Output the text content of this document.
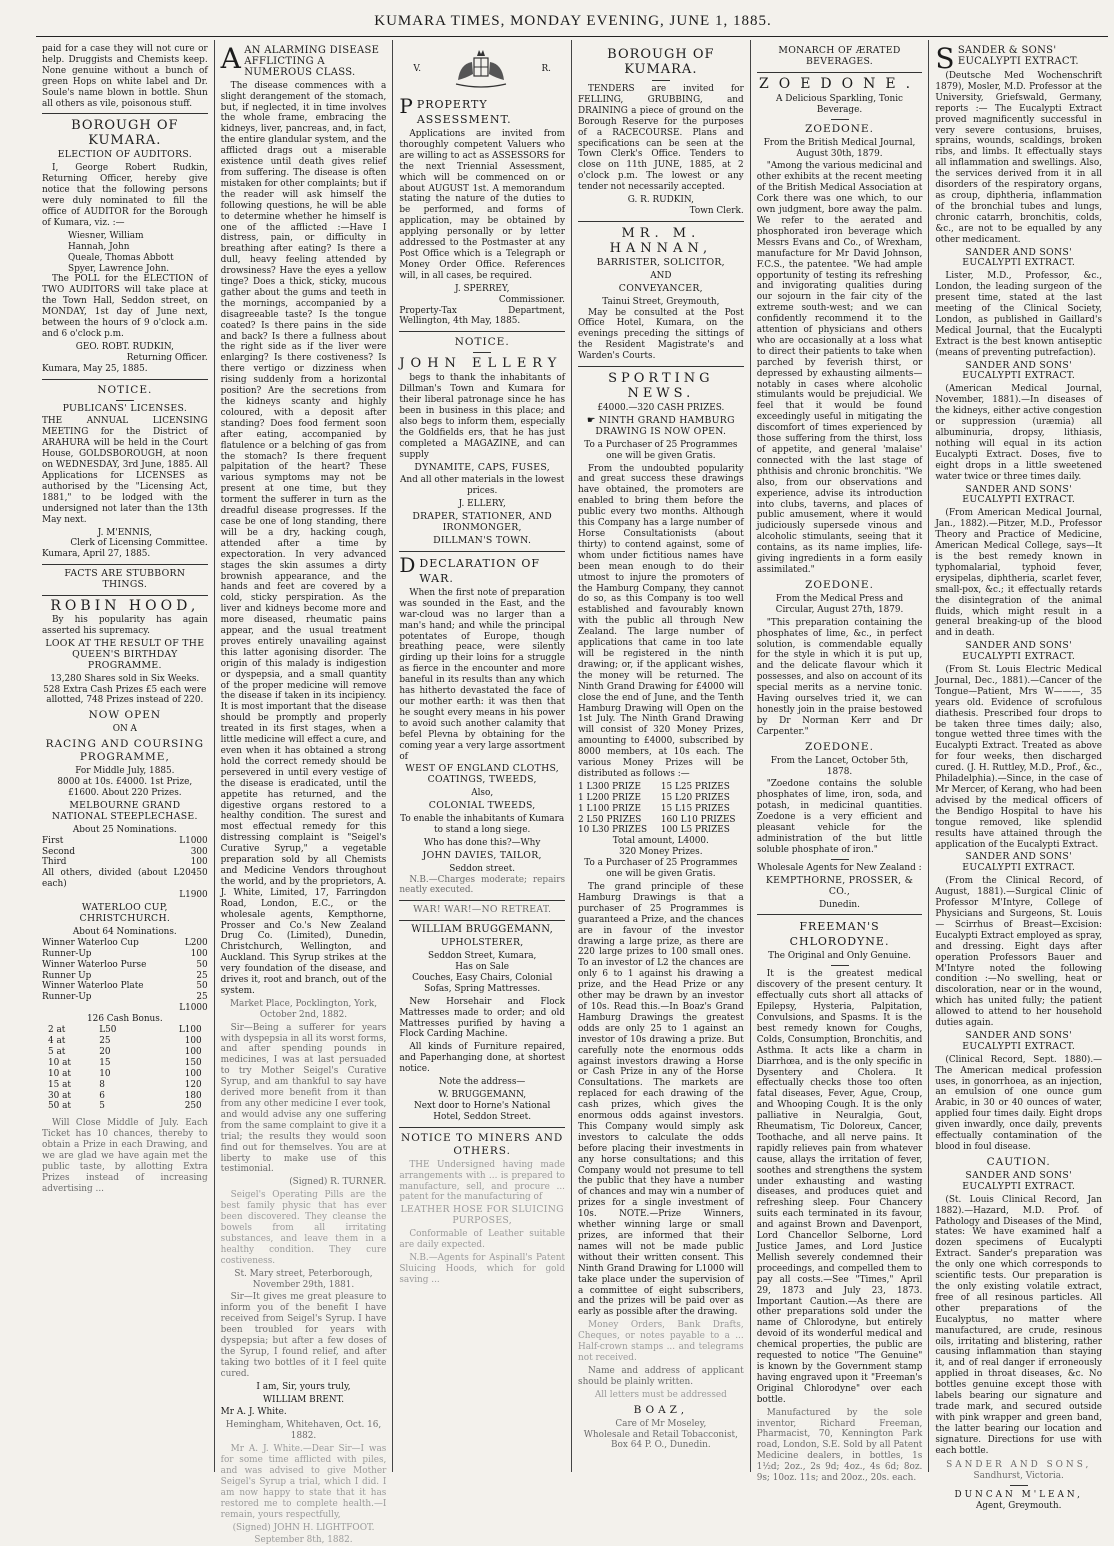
KUMARA TIMES, MONDAY EVENING, JUNE 1, 1885.

paid for a case they will not cure or help. Druggists and Chemists keep. None genuine without a bunch of green Hops on white label and Dr. Soule's name blown in bottle. Shun all others as vile, poisonous stuff.

BOROUGH OF KUMARA.
ELECTION OF AUDITORS.

I, George Robert Rudkin, Returning Officer, hereby give notice that the following persons were duly nominated to fill the office of AUDITOR for the Borough of Kumara, viz. :—

Wiesner, William
Hannah, John
Queale, Thomas Abbott
Spyer, Lawrence John.

The POLL for the ELECTION of TWO AUDITORS will take place at the Town Hall, Seddon street, on MONDAY, 1st day of June next, between the hours of 9 o'clock a.m. and 6 o'clock p.m.

GEO. ROBT. RUDKIN,
Returning Officer.
Kumara, May 25, 1885.
NOTICE.
PUBLICANS' LICENSES.

THE ANNUAL LICENSING MEETING for the District of ARAHURA will be held in the Court House, GOLDSBOROUGH, at noon on WEDNESDAY, 3rd June, 1885. All Applications for LICENSES as authorised by the "Licensing Act, 1881," to be lodged with the undersigned not later than the 13th May next.

J. M'ENNIS,
Clerk of Licensing Committee.
Kumara, April 27, 1885.
FACTS ARE STUBBORN THINGS.
ROBIN HOOD,

By his popularity has again asserted his supremacy.

LOOK AT THE RESULT OF THE QUEEN'S BIRTHDAY PROGRAMME.

13,280 Shares sold in Six Weeks. 528 Extra Cash Prizes £5 each were allotted, 748 Prizes instead of 220.

NOW OPEN
ON A
RACING AND COURSING PROGRAMME,
For Middle July, 1885.

8000 at 10s. £4000. 1st Prize, £1600. About 220 Prizes.

MELBOURNE GRAND NATIONAL STEEPLECHASE.
About 25 Nominations.
First	L1000
Second	300
Third	100
All others, divided (about L20 each)
450
L1900
WATERLOO CUP, CHRISTCHURCH.
About 64 Nominations.
Winner Waterloo Cup	L200
Runner-Up	100
Winner Waterloo Purse	50
Runner Up	25
Winner Waterloo Plate	50
Runner-Up	25
L1000
126 Cash Bonus.
2 at	L50	L100
4 at	25	100
5 at	20	100
10 at	15	150
10 at	10	100
15 at	8	120
30 at	6	180
50 at	5	250

Will Close Middle of July. Each Ticket has 10 chances, thereby to obtain a Prize in each Drawing, and we are glad we have again met the public taste, by allotting Extra Prizes instead of increasing advertising ...

AAN ALARMING DISEASE AFFLICTING A NUMEROUS CLASS.

The disease commences with a slight derangement of the stomach, but, if neglected, it in time involves the whole frame, embracing the kidneys, liver, pancreas, and, in fact, the entire glandular system, and the afflicted drags out a miserable existence until death gives relief from suffering. The disease is often mistaken for other complaints; but if the reader will ask himself the following questions, he will be able to determine whether he himself is one of the afflicted :—Have I distress, pain, or difficulty in breathing after eating? Is there a dull, heavy feeling attended by drowsiness? Have the eyes a yellow tinge? Does a thick, sticky, mucous gather about the gums and teeth in the mornings, accompanied by a disagreeable taste? Is the tongue coated? Is there pains in the side and back? Is there a fullness about the right side as if the liver were enlarging? Is there costiveness? Is there vertigo or dizziness when rising suddenly from a horizontal position? Are the secretions from the kidneys scanty and highly coloured, with a deposit after standing? Does food ferment soon after eating, accompanied by flatulence or a belching of gas from the stomach? Is there frequent palpitation of the heart? These various symptoms may not be present at one time, but they torment the sufferer in turn as the dreadful disease progresses. If the case be one of long standing, there will be a dry, hacking cough, attended after a time by expectoration. In very advanced stages the skin assumes a dirty brownish appearance, and the hands and feet are covered by a cold, sticky perspiration. As the liver and kidneys become more and more diseased, rheumatic pains appear, and the usual treatment proves entirely unavailing against this latter agonising disorder. The origin of this malady is indigestion or dyspepsia, and a small quantity of the proper medicine will remove the disease if taken in its incipiency. It is most important that the disease should be promptly and properly treated in its first stages, when a little medicine will effect a cure, and even when it has obtained a strong hold the correct remedy should be persevered in until every vestige of the disease is eradicated, until the appetite has returned, and the digestive organs restored to a healthy condition. The surest and most effectual remedy for this distressing complaint is "Seigel's Curative Syrup," a vegetable preparation sold by all Chemists and Medicine Vendors throughout the world, and by the proprietors, A. J. White, Limited, 17, Farringdon Road, London, E.C., or the wholesale agents, Kempthorne, Prosser and Co.'s New Zealand Drug Co. (Limited), Dunedin, Christchurch, Wellington, and Auckland. This Syrup strikes at the very foundation of the disease, and drives it, root and branch, out of the system.

Market Place, Pocklington, York, October 2nd, 1882.

Sir—Being a sufferer for years with dyspepsia in all its worst forms, and after spending pounds in medicines, I was at last persuaded to try Mother Seigel's Curative Syrup, and am thankful to say have derived more benefit from it than from any other medicine I ever took, and would advise any one suffering from the same complaint to give it a trial; the results they would soon find out for themselves. You are at liberty to make use of this testimonial.

(Signed) R. TURNER.

Seigel's Operating Pills are the best family physic that has ever been discovered. They cleanse the bowels from all irritating substances, and leave them in a healthy condition. They cure costiveness.

St. Mary street, Peterborough, November 29th, 1881.

Sir—It gives me great pleasure to inform you of the benefit I have received from Seigel's Syrup. I have been troubled for years with dyspepsia; but after a few doses of the Syrup, I found relief, and after taking two bottles of it I feel quite cured.

I am, Sir, yours truly,

WILLIAM BRENT.

Mr A. J. White.

Hemingham, Whitehaven, Oct. 16, 1882.

Mr A. J. White.—Dear Sir—I was for some time afflicted with piles, and was advised to give Mother Seigel's Syrup a trial, which I did. I am now happy to state that it has restored me to complete health.—I remain, yours respectfully,

(Signed) JOHN H. LIGHTFOOT.

September 8th, 1882.

V.	R.
PPROPERTY ASSESSMENT.

Applications are invited from thoroughly competent Valuers who are willing to act as ASSESSORS for the next Triennial Assessment, which will be commenced on or about AUGUST 1st. A memorandum stating the nature of the duties to be performed, and forms of application, may be obtained by applying personally or by letter addressed to the Postmaster at any Post Office which is a Telegraph or Money Order Office. References will, in all cases, be required.

J. SPERREY,
Commissioner.

Property-Tax Department, Wellington, 4th May, 1885.

NOTICE.
JOHN ELLERY

begs to thank the inhabitants of Dillman's Town and Kumara for their liberal patronage since he has been in business in this place; and also begs to inform them, especially the Goldfields ers, that he has just completed a MAGAZINE, and can supply

DYNAMITE, CAPS, FUSES,

And all other materials in the lowest prices.

J. ELLERY,
DRAPER, STATIONER, AND IRONMONGER,
DILLMAN'S TOWN.
DDECLARATION OF WAR.

When the first note of preparation was sounded in the East, and the war-cloud was no larger than a man's hand; and while the principal potentates of Europe, though breathing peace, were silently girding up their loins for a struggle as fierce in the encounter and more baneful in its results than any which has hitherto devastated the face of our mother earth: it was then that he sought every means in his power to avoid such another calamity that befel Plevna by obtaining for the coming year a very large assortment of

WEST OF ENGLAND CLOTHS, COATINGS, TWEEDS,
Also,
COLONIAL TWEEDS,

To enable the inhabitants of Kumara to stand a long siege.

Who has done this?—Why

JOHN DAVIES, TAILOR,
Seddon street.

N.B.—Charges moderate; repairs neatly executed.

WAR! WAR!—NO RETREAT.
WILLIAM BRUGGEMANN,
UPHOLSTERER,
Seddon Street, Kumara,
Has on Sale

Couches, Easy Chairs, Colonial Sofas, Spring Mattresses.

New Horsehair and Flock Mattresses made to order; and old Mattresses purified by having a Flock Carding Machine.

All kinds of Furniture repaired, and Paperhanging done, at shortest notice.

Note the address—
W. BRUGGEMANN,

Next door to Horne's National Hotel, Seddon Street.

NOTICE TO MINERS AND OTHERS.

THE Undersigned having made arrangements with ... is prepared to manufacture, sell, and procure ... patent for the manufacturing of

LEATHER HOSE FOR SLUICING PURPOSES,

Conformable of Leather suitable are daily expected.

N.B.—Agents for Aspinall's Patent Sluicing Hoods, which for gold saving ...

BOROUGH OF KUMARA.

TENDERS are invited for FELLING, GRUBBING, and DRAINING a piece of ground on the Borough Reserve for the purposes of a RACECOURSE. Plans and specifications can be seen at the Town Clerk's Office. Tenders to close on 11th JUNE, 1885, at 2 o'clock p.m. The lowest or any tender not necessarily accepted.

G. R. RUDKIN,
Town Clerk.
MR. M. HANNAN,
BARRISTER, SOLICITOR,
AND
CONVEYANCER,
Tainui Street, Greymouth,

May be consulted at the Post Office Hotel, Kumara, on the evenings preceding the sittings of the Resident Magistrate's and Warden's Courts.

SPORTING NEWS.
£4000.—320 CASH PRIZES.
☛ NINTH GRAND HAMBURG DRAWING IS NOW OPEN.

To a Purchaser of 25 Programmes one will be given Gratis.

From the undoubted popularity and great success these drawings have obtained, the promoters are enabled to bring them before the public every two months. Although this Company has a large number of Horse Consultationists (about thirty) to contend against, some of whom under fictitious names have been mean enough to do their utmost to injure the promoters of the Hamburg Company, they cannot do so, as this Company is too well established and favourably known with the public all through New Zealand. The large number of applications that came in too late will be registered in the ninth drawing; or, if the applicant wishes, the money will be returned. The Ninth Grand Drawing for £4000 will close the end of June, and the Tenth Hamburg Drawing will Open on the 1st July. The Ninth Grand Drawing will consist of 320 Money Prizes, amounting to £4000, subscribed by 8000 members, at 10s each. The various Money Prizes will be distributed as follows :—

1 L300 PRIZE	15 L25 PRIZES
1 L200 PRIZE	15 L20 PRIZES
1 L100 PRIZE	15 L15 PRIZES
2 L50 PRIZES	160 L10 PRIZES
10 L30 PRIZES	100 L5 PRIZES
Total amount, L4000.
320 Money Prizes.

To a Purchaser of 25 Programmes one will be given Gratis.

The grand principle of these Hamburg Drawings is that a purchaser of 25 Programmes is guaranteed a Prize, and the chances are in favour of the investor drawing a large prize, as there are 220 large prizes to 100 small ones. To an investor of L2 the chances are only 6 to 1 against his drawing a prize, and the Head Prize or any other may be drawn by an investor of 10s. Read this.—In Boaz's Grand Hamburg Drawings the greatest odds are only 25 to 1 against an investor of 10s drawing a prize. But carefully note the enormous odds against investors drawing a Horse or Cash Prize in any of the Horse Consultations. The markets are replaced for each drawing of the cash prizes, which gives the enormous odds against investors. This Company would simply ask investors to calculate the odds before placing their investments in any horse consultations; and this Company would not presume to tell the public that they have a number of chances and may win a number of prizes for a single investment of 10s. NOTE.—Prize Winners, whether winning large or small prizes, are informed that their names will not be made public without their written consent. This Ninth Grand Drawing for L1000 will take place under the supervision of a committee of eight subscribers, and the prizes will be paid over as early as possible after the drawing.

Money Orders, Bank Drafts, Cheques, or notes payable to a ... Half-crown stamps ... and telegrams not received.

Name and address of applicant should be plainly written.

All letters must be addressed

BOAZ,
Care of Mr Moseley,
Wholesale and Retail Tobacconist,
Box 64 P. O., Dunedin.
MONARCH OF ÆRATED BEVERAGES.
ZOEDONE.

A Delicious Sparkling, Tonic Beverage.

ZOEDONE.

From the British Medical Journal, August 30th, 1879.

"Among the various medicinal and other exhibits at the recent meeting of the British Medical Association at Cork there was one which, to our own judgment, bore away the palm. We refer to the aerated and phosphorated iron beverage which Messrs Evans and Co., of Wrexham, manufacture for Mr David Johnson, F.C.S., the patentee. "We had ample opportunity of testing its refreshing and invigorating qualities during our sojourn in the fair city of the extreme south-west; and we can confidently recommend it to the attention of physicians and others who are occasionally at a loss what to direct their patients to take when parched by feverish thirst, or depressed by exhausting ailments—notably in cases where alcoholic stimulants would be prejudicial. We feel that it would be found exceedingly useful in mitigating the discomfort of times experienced by those suffering from the thirst, loss of appetite, and general 'malaise' connected with the last stage of phthisis and chronic bronchitis. "We also, from our observations and experience, advise its introduction into clubs, taverns, and places of public amusement, where it would judiciously supersede vinous and alcoholic stimulants, seeing that it contains, as its name implies, life-giving ingredients in a form easily assimilated."

ZOEDONE.

From the Medical Press and Circular, August 27th, 1879.

"This preparation containing the phosphates of lime, &c., in perfect solution, is commendable equally for the style in which it is put up, and the delicate flavour which it possesses, and also on account of its special merits as a nervine tonic. Having ourselves tried it, we can honestly join in the praise bestowed by Dr Norman Kerr and Dr Carpenter."

ZOEDONE.

From the Lancet, October 5th, 1878.

"Zoedone contains the soluble phosphates of lime, iron, soda, and potash, in medicinal quantities. Zoedone is a very efficient and pleasant vehicle for the administration of the but little soluble phosphate of iron."

Wholesale Agents for New Zealand :

KEMPTHORNE, PROSSER, & CO.,
Dunedin.
FREEMAN'S CHLORODYNE.

The Original and Only Genuine.

It is the greatest medical discovery of the present century. It effectually cuts short all attacks of Epilepsy, Hysteria, Palpitation, Convulsions, and Spasms. It is the best remedy known for Coughs, Colds, Consumption, Bronchitis, and Asthma. It acts like a charm in Diarrhœa, and is the only specific in Dysentery and Cholera. It effectually checks those too often fatal diseases, Fever, Ague, Croup, and Whooping Cough. It is the only palliative in Neuralgia, Gout, Rheumatism, Tic Doloreux, Cancer, Toothache, and all nerve pains. It rapidly relieves pain from whatever cause, allays the irritation of fever, soothes and strengthens the system under exhausting and wasting diseases, and produces quiet and refreshing sleep. Four Chancery suits each terminated in its favour, and against Brown and Davenport, Lord Chancellor Selborne, Lord Justice James, and Lord Justice Mellish severely condemned their proceedings, and compelled them to pay all costs.—See "Times," April 29, 1873 and July 23, 1873. Important Caution.—As there are other preparations sold under the name of Chlorodyne, but entirely devoid of its wonderful medical and chemical properties, the public are requested to notice "The Genuine" is known by the Government stamp having engraved upon it "Freeman's Original Chlorodyne" over each bottle.

Manufactured by the sole inventor, Richard Freeman, Pharmacist, 70, Kennington Park road, London, S.E. Sold by all Patent Medicine dealers, in bottles, 1s 1½d; 2oz., 2s 9d; 4oz., 4s 6d; 8oz. 9s; 10oz. 11s; and 20oz., 20s. each.

SSANDER & SONS' EUCALYPTI EXTRACT.

(Deutsche Med Wochenschrift 1879), Mosler, M.D. Professor at the University, Griefswald, Germany, reports :— The Eucalypti Extract proved magnificently successful in very severe contusions, bruises, sprains, wounds, scaldings, broken ribs, and limbs. It effectually stays all inflammation and swellings. Also, the services derived from it in all disorders of the respiratory organs, as croup, diphtheria, inflammation of the bronchial tubes and lungs, chronic catarrh, bronchitis, colds, &c., are not to be equalled by any other medicament.

SANDER AND SONS' EUCALYPTI EXTRACT.

Lister, M.D., Professor, &c., London, the leading surgeon of the present time, stated at the last meeting of the Clinical Society, London, as published in Gaillard's Medical Journal, that the Eucalypti Extract is the best known antiseptic (means of preventing putrefaction).

SANDER AND SONS' EUCALYPTI EXTRACT.

(American Medical Journal, November, 1881).—In diseases of the kidneys, either active congestion or suppression (uræmia) all albuminuria, dropsy, lithiasis, nothing will equal in its action Eucalypti Extract. Doses, five to eight drops in a little sweetened water twice or three times daily.

SANDER AND SONS' EUCALYPTI EXTRACT.

(From American Medical Journal, Jan., 1882).—Pitzer, M.D., Professor Theory and Practice of Medicine, American Medical College, says—It is the best remedy known in typhomalarial, typhoid fever, erysipelas, diphtheria, scarlet fever, small-pox, &c.; it effectually retards the disintegration of the animal fluids, which might result in a general breaking-up of the blood and in death.

SANDER AND SONS' EUCALYPTI EXTRACT.

(From St. Louis Electric Medical Journal, Dec., 1881).—Cancer of the Tongue—Patient, Mrs W———, 35 years old. Evidence of scrofulous diathesis. Prescribed four drops to be taken three times daily; also, tongue wetted three times with the Eucalypti Extract. Treated as above for four weeks, then discharged cured. (J. H. Ruttley, M.D., Prof., &c., Philadelphia).—Since, in the case of Mr Mercer, of Kerang, who had been advised by the medical officers of the Bendigo Hospital to have his tongue removed, like splendid results have attained through the application of the Eucalypti Extract.

SANDER AND SONS' EUCALYPTI EXTRACT.

(From the Clinical Record, of August, 1881).—Surgical Clinic of Professor M'Intyre, College of Physicians and Surgeons, St. Louis — Scirrhus of Breast—Excision: Eucalypti Extract employed as spray, and dressing. Eight days after operation Professors Bauer and M'Intyre noted the following condition :—No swelling, heat or discoloration, near or in the wound, which has united fully; the patient allowed to attend to her household duties again.

SANDER AND SONS' EUCALYPTI EXTRACT.

(Clinical Record, Sept. 1880).—The American medical profession uses, in gonorrhoea, as an injection, an emulsion of one ounce gum Arabic, in 30 or 40 ounces of water, applied four times daily. Eight drops given inwardly, once daily, prevents effectually contamination of the blood in foul disease.

CAUTION.
SANDER AND SONS' EUCALYPTI EXTRACT.

(St. Louis Clinical Record, Jan 1882).—Hazard, M.D. Prof. of Pathology and Diseases of the Mind, states: We have examined half a dozen specimens of Eucalypti Extract. Sander's preparation was the only one which corresponds to scientific tests. Our preparation is the only existing volatile extract, free of all resinous particles. All other preparations of the Eucalyptus, no matter where manufactured, are crude, resinous oils, irritating and blistering, rather causing inflammation than staying it, and of real danger if erroneously applied in throat diseases, &c. No bottles genuine except those with labels bearing our signature and trade mark, and secured outside with pink wrapper and green band, the latter bearing our location and signature. Directions for use with each bottle.

SANDER AND SONS,
Sandhurst, Victoria.
DUNCAN M'LEAN,
Agent, Greymouth.
